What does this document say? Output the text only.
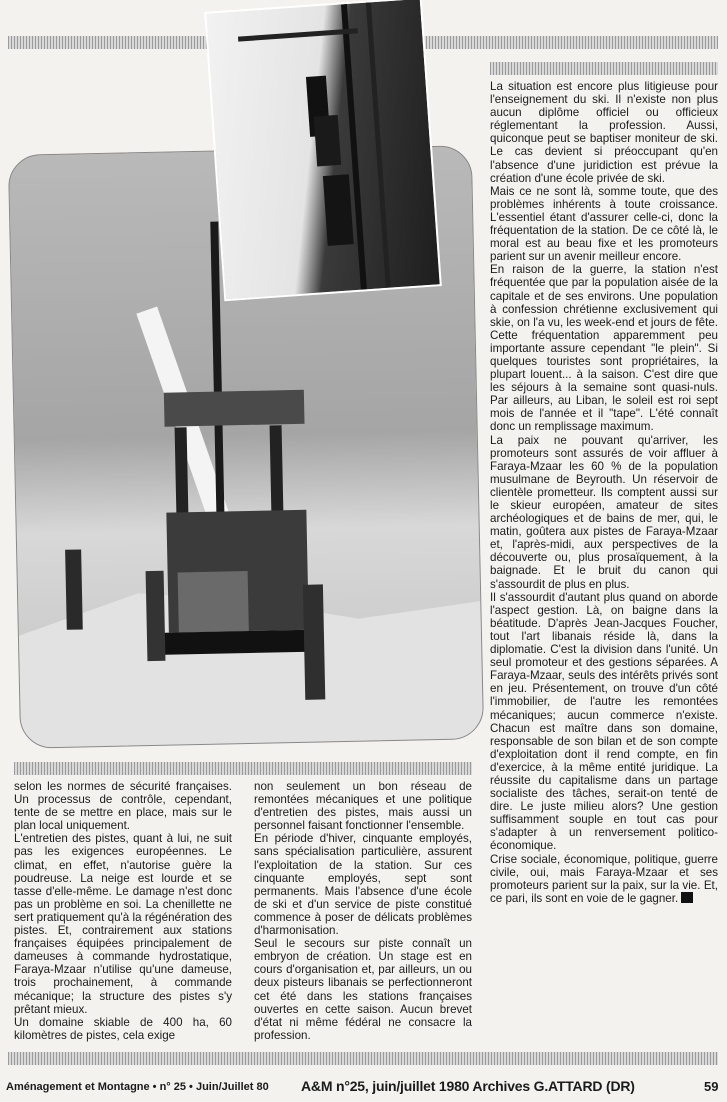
La situation est encore plus litigieuse pour l'enseignement du ski. Il n'existe non plus aucun diplôme officiel ou officieux réglementant la profession. Aussi, quiconque peut se baptiser moniteur de ski. Le cas devient si préoccupant qu'en l'absence d'une juridiction est prévue la création d'une école privée de ski.

Mais ce ne sont là, somme toute, que des problèmes inhérents à toute croissance. L'essentiel étant d'assurer celle-ci, donc la fréquentation de la station. De ce côté là, le moral est au beau fixe et les promoteurs parient sur un avenir meilleur encore.

En raison de la guerre, la station n'est fréquentée que par la population aisée de la capitale et de ses environs. Une population à confession chrétienne exclusivement qui skie, on l'a vu, les week-end et jours de fête. Cette fréquentation apparemment peu importante assure cependant "le plein". Si quelques touristes sont propriétaires, la plupart louent... à la saison. C'est dire que les séjours à la semaine sont quasi-nuls. Par ailleurs, au Liban, le soleil est roi sept mois de l'année et il "tape". L'été connaît donc un remplissage maximum.

La paix ne pouvant qu'arriver, les promoteurs sont assurés de voir affluer à Faraya-Mzaar les 60 % de la population musulmane de Beyrouth. Un réservoir de clientèle prometteur. Ils comptent aussi sur le skieur européen, amateur de sites archéologiques et de bains de mer, qui, le matin, goûtera aux pistes de Faraya-Mzaar et, l'après-midi, aux perspectives de la découverte ou, plus prosaïquement, à la baignade. Et le bruit du canon qui s'assourdit de plus en plus.

Il s'assourdit d'autant plus quand on aborde l'aspect gestion. Là, on baigne dans la béatitude. D'après Jean-Jacques Foucher, tout l'art libanais réside là, dans la diplomatie. C'est la division dans l'unité. Un seul promoteur et des gestions séparées. A Faraya-Mzaar, seuls des intérêts privés sont en jeu. Présentement, on trouve d'un côté l'immobilier, de l'autre les remontées mécaniques; aucun commerce n'existe. Chacun est maître dans son domaine, responsable de son bilan et de son compte d'exploitation dont il rend compte, en fin d'exercice, à la même entité juridique. La réussite du capitalisme dans un partage socialiste des tâches, serait-on tenté de dire. Le juste milieu alors? Une gestion suffisamment souple en tout cas pour s'adapter à un renversement politico-économique.

Crise sociale, économique, politique, guerre civile, oui, mais Faraya-Mzaar et ses promoteurs parient sur la paix, sur la vie. Et, ce pari, ils sont en voie de le gagner.

selon les normes de sécurité françaises. Un processus de contrôle, cependant, tente de se mettre en place, mais sur le plan local uniquement.

L'entretien des pistes, quant à lui, ne suit pas les exigences européennes. Le climat, en effet, n'autorise guère la poudreuse. La neige est lourde et se tasse d'elle-même. Le damage n'est donc pas un problème en soi. La chenillette ne sert pratiquement qu'à la régénération des pistes. Et, contrairement aux stations françaises équipées principalement de dameuses à commande hydrostatique, Faraya-Mzaar n'utilise qu'une dameuse, trois prochainement, à commande mécanique; la structure des pistes s'y prêtant mieux.

Un domaine skiable de 400 ha, 60 kilomètres de pistes, cela exige

non seulement un bon réseau de remontées mécaniques et une politique d'entretien des pistes, mais aussi un personnel faisant fonctionner l'ensemble.

En période d'hiver, cinquante employés, sans spécialisation particulière, assurent l'exploitation de la station. Sur ces cinquante employés, sept sont permanents. Mais l'absence d'une école de ski et d'un service de piste constitué commence à poser de délicats problèmes d'harmonisation.

Seul le secours sur piste connaît un embryon de création. Un stage est en cours d'organisation et, par ailleurs, un ou deux pisteurs libanais se perfectionneront cet été dans les stations françaises ouvertes en cette saison. Aucun brevet d'état ni même fédéral ne consacre la profession.

Aménagement et Montagne • n° 25 • Juin/Juillet 80 A&M n°25, juin/juillet 1980 Archives G.ATTARD (DR)	59
